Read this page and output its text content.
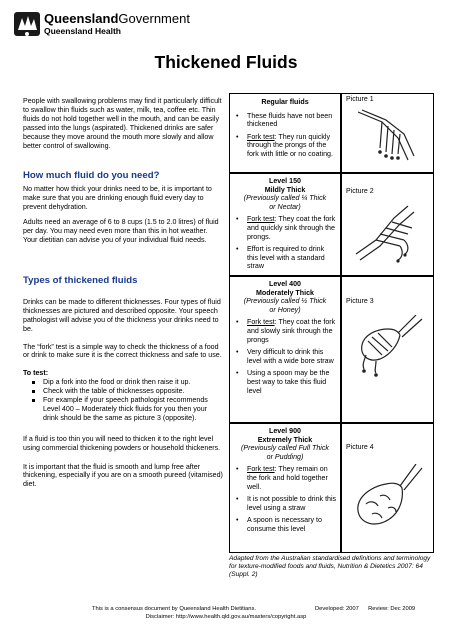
QueenslandGovernment
Queensland Health
Thickened Fluids

People with swallowing problems may find it particularly difficult to swallow thin fluids such as water, milk, tea, coffee etc. Thin fluids do not hold together well in the mouth, and can be easily passed into the lungs (aspirated). Thickened drinks are safer because they move around the mouth more slowly and allow better control of swallowing.

How much fluid do you need?

No matter how thick your drinks need to be, it is important to make sure that you are drinking enough fluid every day to prevent dehydration.

Adults need an average of 6 to 8 cups (1.5 to 2.0 litres) of fluid per day. You may need even more than this in hot weather. Your dietitian can advise you of your individual fluid needs.

Types of thickened fluids

Drinks can be made to different thicknesses. Four types of fluid thicknesses are pictured and described opposite. Your speech pathologist will advise you of the thickness your drinks need to be.

The “fork” test is a simple way to check the thickness of a food or drink to make sure it is the correct thickness and safe to use.

To test:

Dip a fork into the food or drink then raise it up.
Check with the table of thicknesses opposite.
For example if your speech pathologist recommends Level 400 – Moderately thick fluids for you then your drink should be the same as picture 3 (opposite).

If a fluid is too thin you will need to thicken it to the right level using commercial thickening powders or household thickeners.

It is important that the fluid is smooth and lump free after thickening, especially if you are on a smooth pureed (vitamised) diet.

Regular fluids
• These fluids have not been thickened
• Fork test: They run quickly through the prongs of the fork with little or no coating.
Picture 1
Level 150
Mildly Thick
(Previously called ¼ Thick or Nectar)
• Fork test: They coat the fork and quickly sink through the prongs.
• Effort is required to drink this level with a standard straw
Picture 2
Level 400
Moderately Thick
(Previously called ½ Thick or Honey)
• Fork test: They coat the fork and slowly sink through the prongs
• Very difficult to drink this level with a wide bore straw
• Using a spoon may be the best way to take this fluid level
Picture 3
Level 900
Extremely Thick
(Previously called Full Thick or Pudding)
• Fork test: They remain on the fork and hold together well.
• It is not possible to drink this level using a straw
• A spoon is necessary to consume this level
Picture 4
Adapted from the Australian standardised definitions and terminology for texture-modified foods and fluids, Nutrition & Dietetics 2007: 64 (Suppl. 2)
This is a consensus document by Queensland Health Dietitians.	Developed: 2007 Review: Dec 2009
Disclaimer: http://www.health.qld.gov.au/masters/copyright.asp
